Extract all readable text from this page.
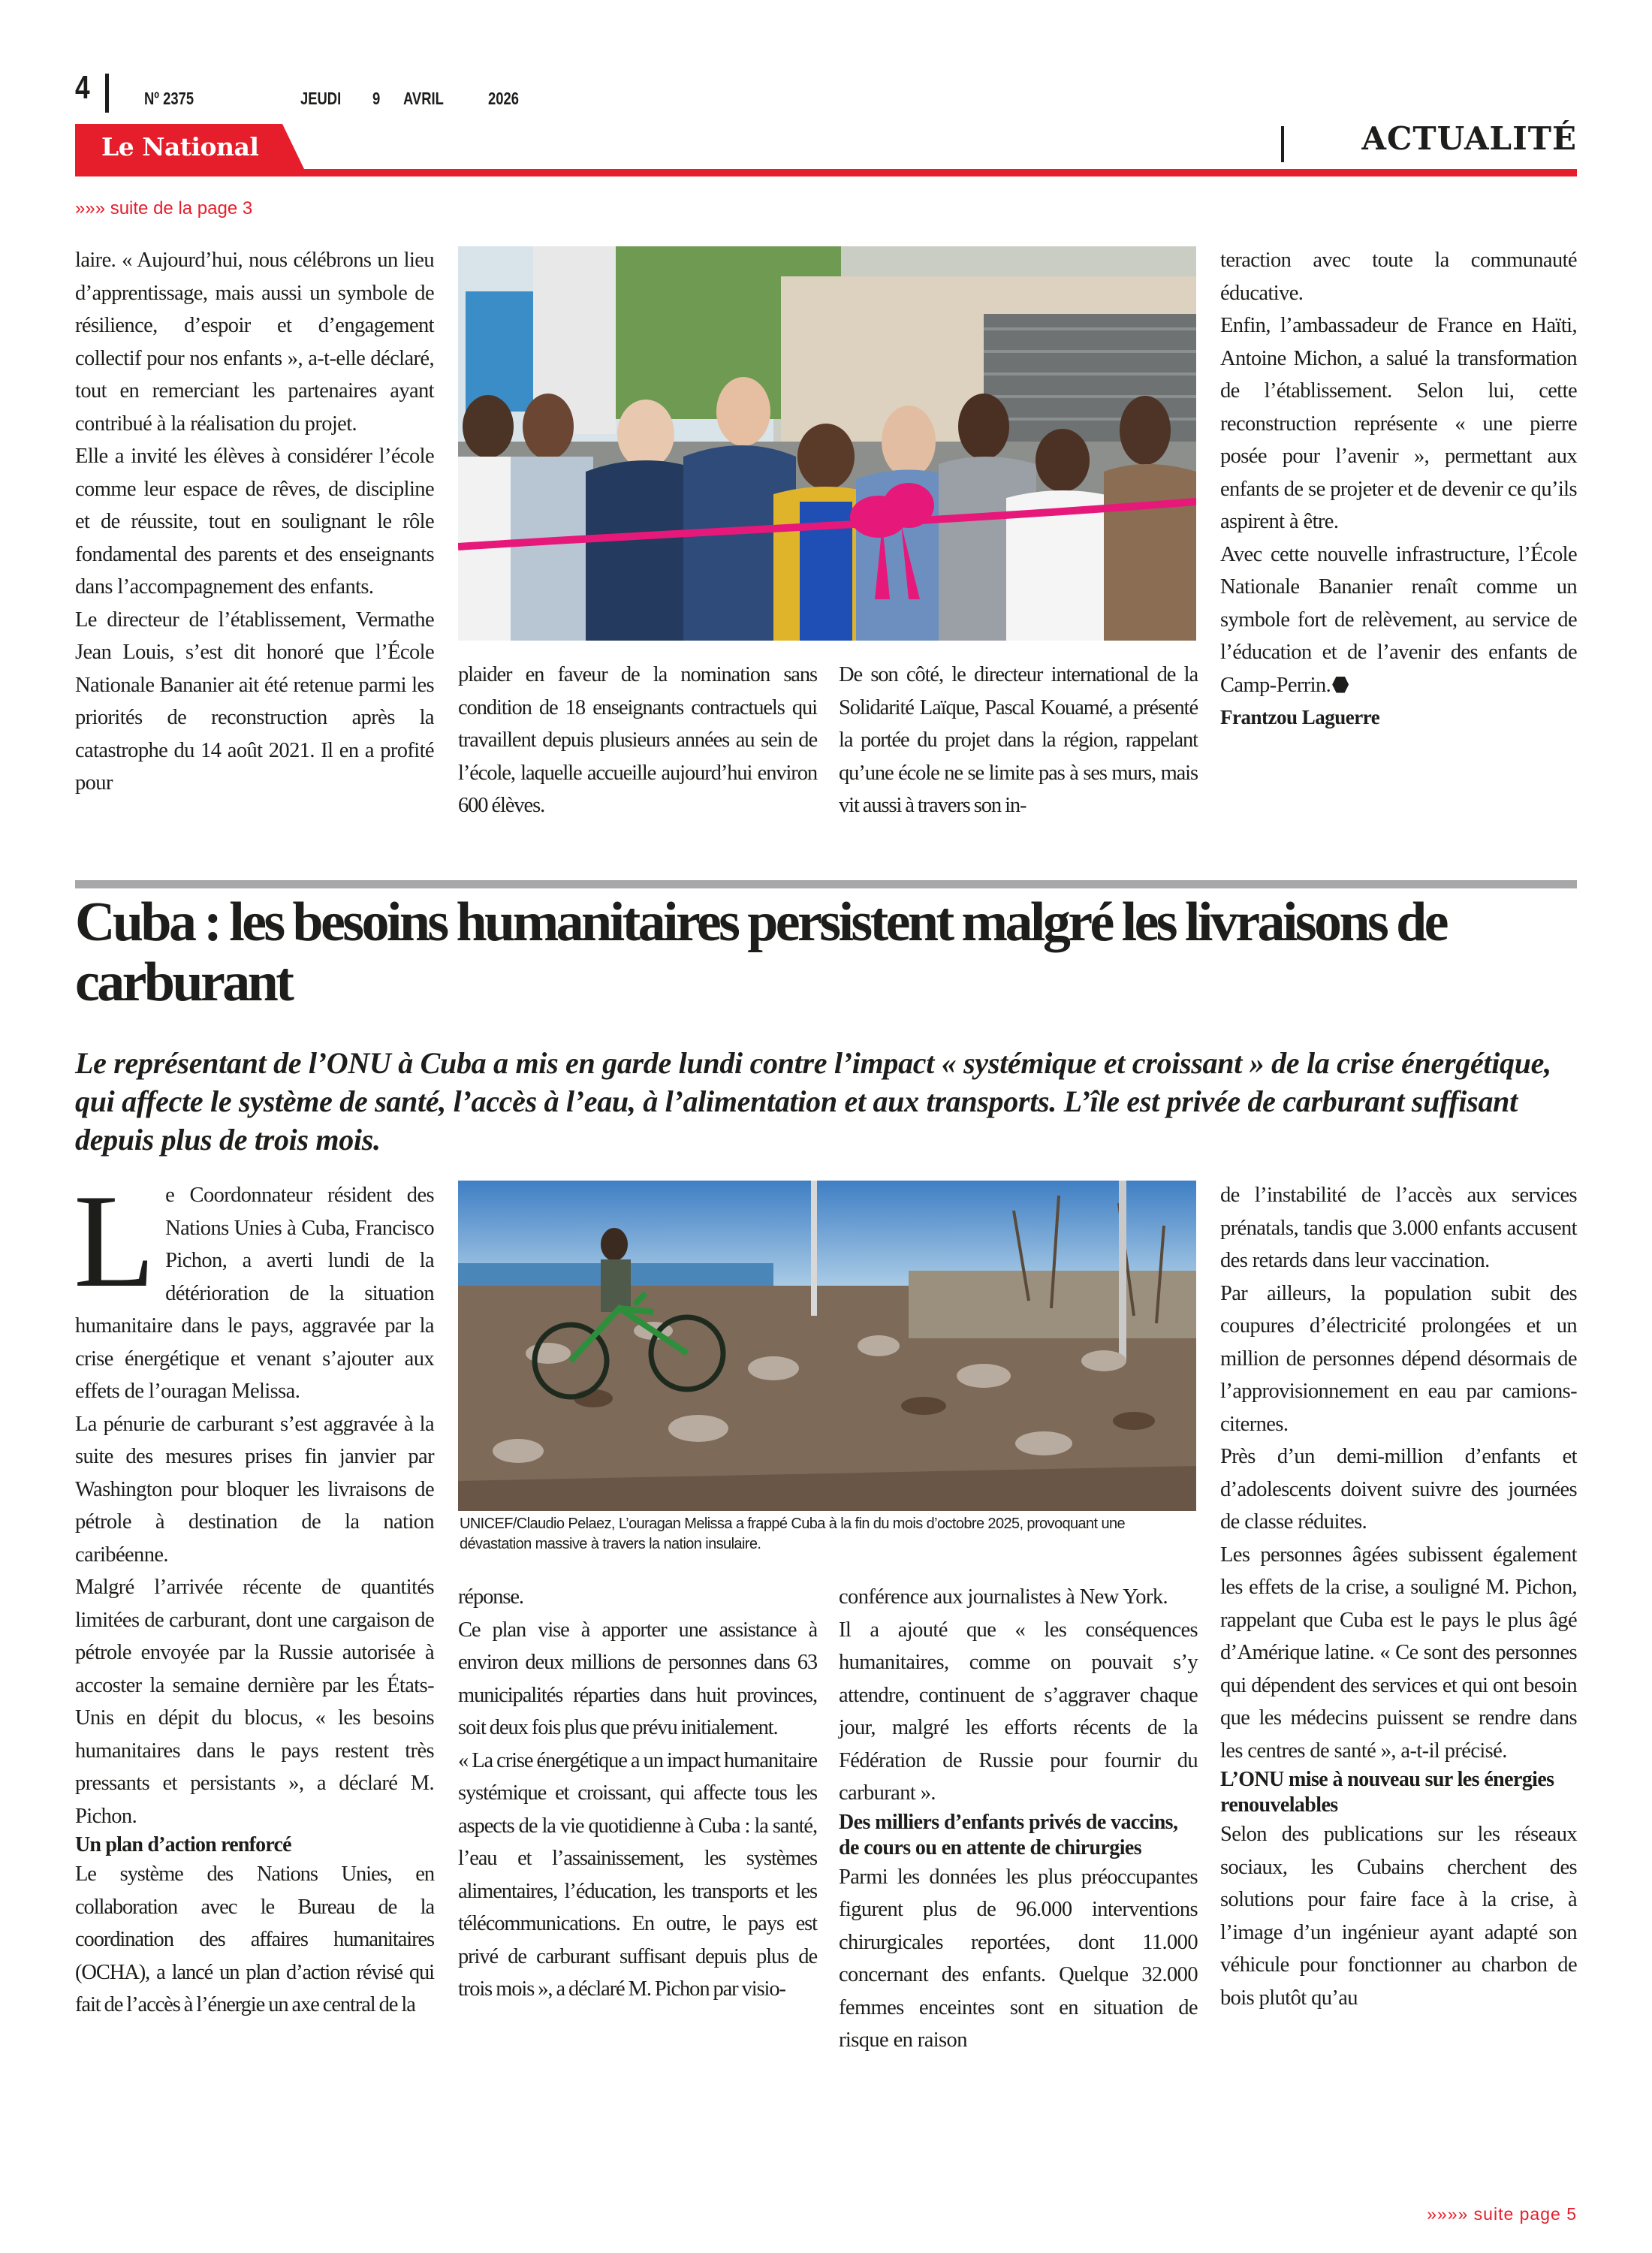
4	Nº 2375	JEUDI 9 AVRIL	2026
Le National	ACTUALITÉ
»»» suite de la page 3

laire. « Aujourd’hui, nous célébrons un lieu d’apprentissage, mais aussi un symbole de résilience, d’espoir et d’engagement collectif pour nos enfants », a-t-elle déclaré, tout en remerciant les partenaires ayant contribué à la réalisation du projet.

Elle a invité les élèves à considérer l’école comme leur espace de rêves, de discipline et de réussite, tout en soulignant le rôle fondamental des parents et des enseignants dans l’accompagnement des enfants.

Le directeur de l’établissement, Vermathe Jean Louis, s’est dit honoré que l’École Nationale Bananier ait été retenue parmi les priorités de reconstruction après la catastrophe du 14 août 2021. Il en a profité pour

plaider en faveur de la nomination sans condition de 18 enseignants contractuels qui travaillent depuis plusieurs années au sein de l’école, laquelle accueille aujourd’hui environ 600 élèves.

De son côté, le directeur international de la Solidarité Laïque, Pascal Kouamé, a présenté la portée du projet dans la région, rappelant qu’une école ne se limite pas à ses murs, mais vit aussi à travers son in-

teraction avec toute la communauté éducative.

Enfin, l’ambassadeur de France en Haïti, Antoine Michon, a salué la transformation de l’établissement. Selon lui, cette reconstruction représente « une pierre posée pour l’avenir », permettant aux enfants de se projeter et de devenir ce qu’ils aspirent à être.

Avec cette nouvelle infrastructure, l’École Nationale Bananier renaît comme un symbole fort de relèvement, au service de l’éducation et de l’avenir des enfants de Camp-Perrin.

Frantzou Laguerre

Cuba : les besoins humanitaires persistent malgré les livraisons de carburant
Le représentant de l’ONU à Cuba a mis en garde lundi contre l’impact « systémique et croissant » de la crise énergétique, qui affecte le système de santé, l’accès à l’eau, à l’alimentation et aux transports. L’île est privée de carburant suffisant depuis plus de trois mois.

Le Coordonnateur résident des Nations Unies à Cuba, Francisco Pichon, a averti lundi de la détérioration de la situation humanitaire dans le pays, aggravée par la crise énergétique et venant s’ajouter aux effets de l’ouragan Melissa.

La pénurie de carburant s’est aggravée à la suite des mesures prises fin janvier par Washington pour bloquer les livraisons de pétrole à destination de la nation caribéenne.

Malgré l’arrivée récente de quantités limitées de carburant, dont une cargaison de pétrole envoyée par la Russie autorisée à accoster la semaine dernière par les États-Unis en dépit du blocus, « les besoins humanitaires dans le pays restent très pressants et persistants », a déclaré M. Pichon.

Un plan d’action renforcé

Le système des Nations Unies, en collaboration avec le Bureau de la coordination des affaires humanitaires (OCHA), a lancé un plan d’action révisé qui fait de l’accès à l’énergie un axe central de la

UNICEF/Claudio Pelaez, L’ouragan Melissa a frappé Cuba à la fin du mois d’octobre 2025, provoquant une dévastation massive à travers la nation insulaire.

réponse.

Ce plan vise à apporter une assistance à environ deux millions de personnes dans 63 municipalités réparties dans huit provinces, soit deux fois plus que prévu initialement.

« La crise énergétique a un impact humanitaire systémique et croissant, qui affecte tous les aspects de la vie quotidienne à Cuba : la santé, l’eau et l’assainissement, les systèmes alimentaires, l’éducation, les transports et les télécommunications. En outre, le pays est privé de carburant suffisant depuis plus de trois mois », a déclaré M. Pichon par visio-

conférence aux journalistes à New York.

Il a ajouté que « les conséquences humanitaires, comme on pouvait s’y attendre, continuent de s’aggraver chaque jour, malgré les efforts récents de la Fédération de Russie pour fournir du carburant ».

Des milliers d’enfants privés de vaccins, de cours ou en attente de chirurgies

Parmi les données les plus préoccupantes figurent plus de 96.000 interventions chirurgicales reportées, dont 11.000 concernant des enfants. Quelque 32.000 femmes enceintes sont en situation de risque en raison

de l’instabilité de l’accès aux services prénatals, tandis que 3.000 enfants accusent des retards dans leur vaccination.

Par ailleurs, la population subit des coupures d’électricité prolongées et un million de personnes dépend désormais de l’approvisionnement en eau par camions-citernes.

Près d’un demi-million d’enfants et d’adolescents doivent suivre des journées de classe réduites.

Les personnes âgées subissent également les effets de la crise, a souligné M. Pichon, rappelant que Cuba est le pays le plus âgé d’Amérique latine. « Ce sont des personnes qui dépendent des services et qui ont besoin que les médecins puissent se rendre dans les centres de santé », a-t-il précisé.

L’ONU mise à nouveau sur les énergies renouvelables

Selon des publications sur les réseaux sociaux, les Cubains cherchent des solutions pour faire face à la crise, à l’image d’un ingénieur ayant adapté son véhicule pour fonctionner au charbon de bois plutôt qu’au

»»»» suite page 5
